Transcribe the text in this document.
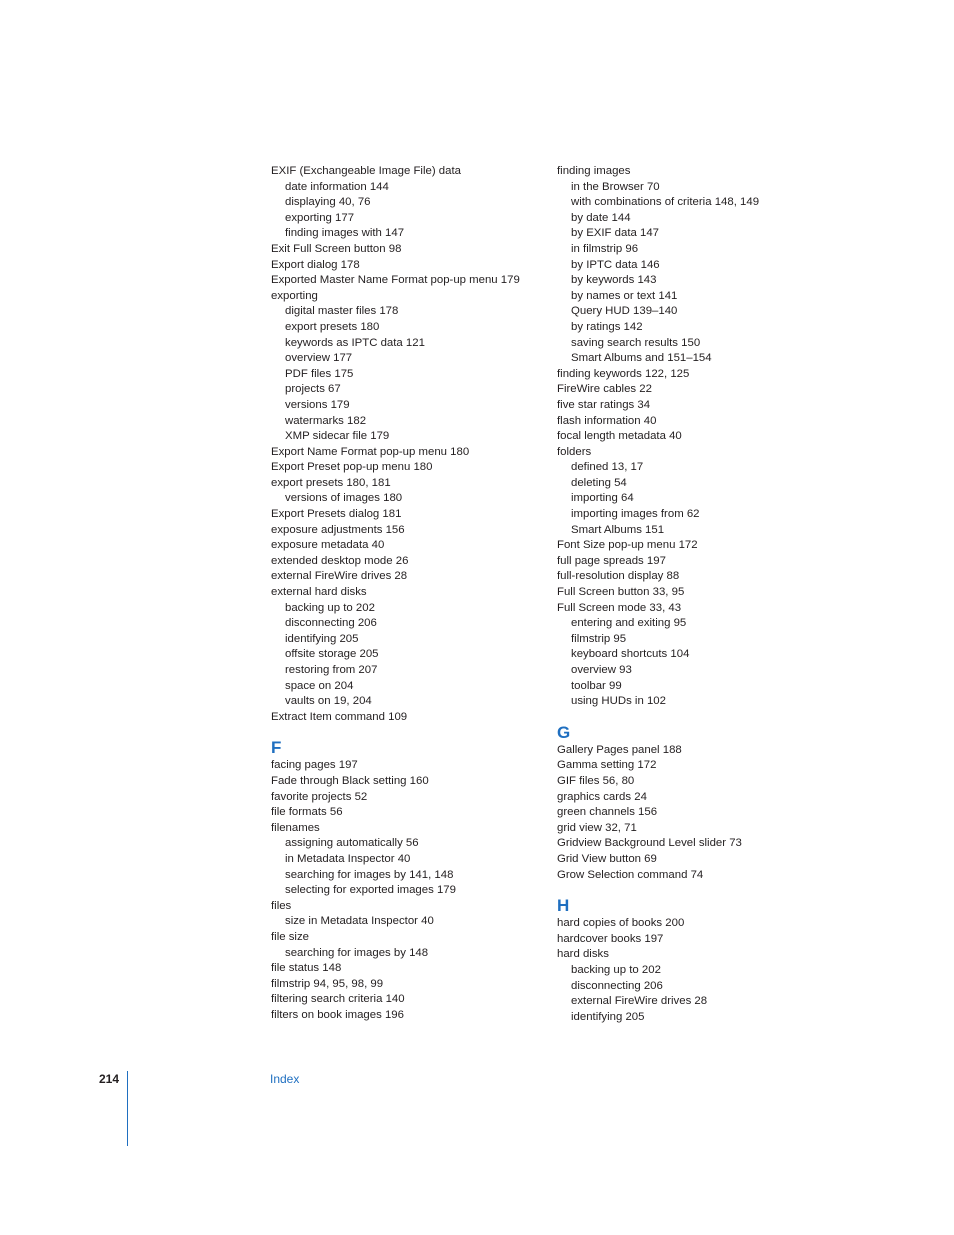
EXIF (Exchangeable Image File) data
date information 144
displaying 40, 76
exporting 177
finding images with 147
Exit Full Screen button 98
Export dialog 178
Exported Master Name Format pop-up menu 179
exporting
digital master files 178
export presets 180
keywords as IPTC data 121
overview 177
PDF files 175
projects 67
versions 179
watermarks 182
XMP sidecar file 179
Export Name Format pop-up menu 180
Export Preset pop-up menu 180
export presets 180, 181
versions of images 180
Export Presets dialog 181
exposure adjustments 156
exposure metadata 40
extended desktop mode 26
external FireWire drives 28
external hard disks
backing up to 202
disconnecting 206
identifying 205
offsite storage 205
restoring from 207
space on 204
vaults on 19, 204
Extract Item command 109
F
facing pages 197
Fade through Black setting 160
favorite projects 52
file formats 56
filenames
assigning automatically 56
in Metadata Inspector 40
searching for images by 141, 148
selecting for exported images 179
files
size in Metadata Inspector 40
file size
searching for images by 148
file status 148
filmstrip 94, 95, 98, 99
filtering search criteria 140
filters on book images 196
finding images
in the Browser 70
with combinations of criteria 148, 149
by date 144
by EXIF data 147
in filmstrip 96
by IPTC data 146
by keywords 143
by names or text 141
Query HUD 139–140
by ratings 142
saving search results 150
Smart Albums and 151–154
finding keywords 122, 125
FireWire cables 22
five star ratings 34
flash information 40
focal length metadata 40
folders
defined 13, 17
deleting 54
importing 64
importing images from 62
Smart Albums 151
Font Size pop-up menu 172
full page spreads 197
full-resolution display 88
Full Screen button 33, 95
Full Screen mode 33, 43
entering and exiting 95
filmstrip 95
keyboard shortcuts 104
overview 93
toolbar 99
using HUDs in 102
G
Gallery Pages panel 188
Gamma setting 172
GIF files 56, 80
graphics cards 24
green channels 156
grid view 32, 71
Gridview Background Level slider 73
Grid View button 69
Grow Selection command 74
H
hard copies of books 200
hardcover books 197
hard disks
backing up to 202
disconnecting 206
external FireWire drives 28
identifying 205
214	Index
